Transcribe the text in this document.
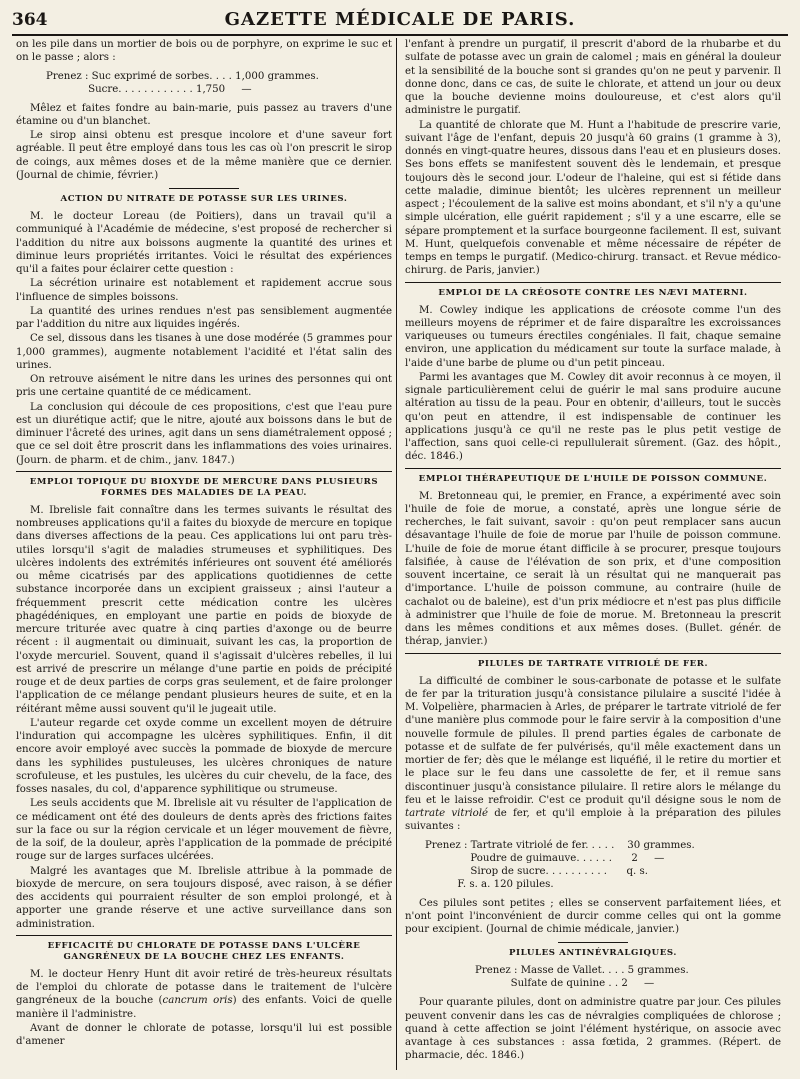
364	GAZETTE MÉDICALE DE PARIS.

on les pile dans un mortier de bois ou de porphyre, on exprime le suc et on le passe ; alors :

Prenez : Suc exprimé de sorbes. . . . 1,000 grammes.
Sucre. . . . . . . . . . . . 1,750     —

Mêlez et faites fondre au bain-marie, puis passez au travers d'une étamine ou d'un blanchet.

Le sirop ainsi obtenu est presque incolore et d'une saveur fort agréable. Il peut être employé dans tous les cas où l'on prescrit le sirop de coings, aux mêmes doses et de la même manière que ce dernier. (Journal de chimie, février.)

ACTION DU NITRATE DE POTASSE SUR LES URINES.

M. le docteur Loreau (de Poitiers), dans un travail qu'il a communiqué à l'Académie de médecine, s'est proposé de rechercher si l'addition du nitre aux boissons augmente la quantité des urines et diminue leurs propriétés irritantes. Voici le résultat des expériences qu'il a faites pour éclairer cette question :

La sécrétion urinaire est notablement et rapidement accrue sous l'influence de simples boissons.

La quantité des urines rendues n'est pas sensiblement augmentée par l'addition du nitre aux liquides ingérés.

Ce sel, dissous dans les tisanes à une dose modérée (5 grammes pour 1,000 grammes), augmente notablement l'acidité et l'état salin des urines.

On retrouve aisément le nitre dans les urines des personnes qui ont pris une certaine quantité de ce médicament.

La conclusion qui découle de ces propositions, c'est que l'eau pure est un diurétique actif; que le nitre, ajouté aux boissons dans le but de diminuer l'âcreté des urines, agit dans un sens diamétralement opposé ; que ce sel doit être proscrit dans les inflammations des voies urinaires. (Journ. de pharm. et de chim., janv. 1847.)

EMPLOI TOPIQUE DU BIOXYDE DE MERCURE DANS PLUSIEURS FORMES DES MALADIES DE LA PEAU.

M. Ibrelisle fait connaître dans les termes suivants le résultat des nombreuses applications qu'il a faites du bioxyde de mercure en topique dans diverses affections de la peau. Ces applications lui ont paru très-utiles lorsqu'il s'agit de maladies strumeuses et syphilitiques. Des ulcères indolents des extrémités inférieures ont souvent été améliorés ou même cicatrisés par des applications quotidiennes de cette substance incorporée dans un excipient graisseux ; ainsi l'auteur a fréquemment prescrit cette médication contre les ulcères phagédéniques, en employant une partie en poids de bioxyde de mercure triturée avec quatre à cinq parties d'axonge ou de beurre récent : il augmentait ou diminuait, suivant les cas, la proportion de l'oxyde mercuriel. Souvent, quand il s'agissait d'ulcères rebelles, il lui est arrivé de prescrire un mélange d'une partie en poids de précipité rouge et de deux parties de corps gras seulement, et de faire prolonger l'application de ce mélange pendant plusieurs heures de suite, et en la réitérant même aussi souvent qu'il le jugeait utile.

L'auteur regarde cet oxyde comme un excellent moyen de détruire l'induration qui accompagne les ulcères syphilitiques. Enfin, il dit encore avoir employé avec succès la pommade de bioxyde de mercure dans les syphilides pustuleuses, les ulcères chroniques de nature scrofuleuse, et les pustules, les ulcères du cuir chevelu, de la face, des fosses nasales, du col, d'apparence syphilitique ou strumeuse.

Les seuls accidents que M. Ibrelisle ait vu résulter de l'application de ce médicament ont été des douleurs de dents après des frictions faites sur la face ou sur la région cervicale et un léger mouvement de fièvre, de la soif, de la douleur, après l'application de la pommade de précipité rouge sur de larges surfaces ulcérées.

Malgré les avantages que M. Ibrelisle attribue à la pommade de bioxyde de mercure, on sera toujours disposé, avec raison, à se défier des accidents qui pourraient résulter de son emploi prolongé, et à apporter une grande réserve et une active surveillance dans son administration.

EFFICACITÉ DU CHLORATE DE POTASSE DANS L'ULCÈRE GANGRÉNEUX DE LA BOUCHE CHEZ LES ENFANTS.

M. le docteur Henry Hunt dit avoir retiré de très-heureux résultats de l'emploi du chlorate de potasse dans le traitement de l'ulcère gangréneux de la bouche (cancrum oris) des enfants. Voici de quelle manière il l'administre.

Avant de donner le chlorate de potasse, lorsqu'il lui est possible d'amener

l'enfant à prendre un purgatif, il prescrit d'abord de la rhubarbe et du sulfate de potasse avec un grain de calomel ; mais en général la douleur et la sensibilité de la bouche sont si grandes qu'on ne peut y parvenir. Il donne donc, dans ce cas, de suite le chlorate, et attend un jour ou deux que la bouche devienne moins douloureuse, et c'est alors qu'il administre le purgatif.

La quantité de chlorate que M. Hunt a l'habitude de prescrire varie, suivant l'âge de l'enfant, depuis 20 jusqu'à 60 grains (1 gramme à 3), donnés en vingt-quatre heures, dissous dans l'eau et en plusieurs doses. Ses bons effets se manifestent souvent dès le lendemain, et presque toujours dès le second jour. L'odeur de l'haleine, qui est si fétide dans cette maladie, diminue bientôt; les ulcères reprennent un meilleur aspect ; l'écoulement de la salive est moins abondant, et s'il n'y a qu'une simple ulcération, elle guérit rapidement ; s'il y a une escarre, elle se sépare promptement et la surface bourgeonne facilement. Il est, suivant M. Hunt, quelquefois convenable et même nécessaire de répéter de temps en temps le purgatif. (Medico-chirurg. transact. et Revue médico-chirurg. de Paris, janvier.)

EMPLOI DE LA CRÉOSOTE CONTRE LES NÆVI MATERNI.

M. Cowley indique les applications de créosote comme l'un des meilleurs moyens de réprimer et de faire disparaître les excroissances variqueuses ou tumeurs érectiles congéniales. Il fait, chaque semaine environ, une application du médicament sur toute la surface malade, à l'aide d'une barbe de plume ou d'un petit pinceau.

Parmi les avantages que M. Cowley dit avoir reconnus à ce moyen, il signale particulièrement celui de guérir le mal sans produire aucune altération au tissu de la peau. Pour en obtenir, d'ailleurs, tout le succès qu'on peut en attendre, il est indispensable de continuer les applications jusqu'à ce qu'il ne reste pas le plus petit vestige de l'affection, sans quoi celle-ci repullulerait sûrement. (Gaz. des hôpit., déc. 1846.)

EMPLOI THÉRAPEUTIQUE DE L'HUILE DE POISSON COMMUNE.

M. Bretonneau qui, le premier, en France, a expérimenté avec soin l'huile de foie de morue, a constaté, après une longue série de recherches, le fait suivant, savoir : qu'on peut remplacer sans aucun désavantage l'huile de foie de morue par l'huile de poisson commune. L'huile de foie de morue étant difficile à se procurer, presque toujours falsifiée, à cause de l'élévation de son prix, et d'une composition souvent incertaine, ce serait là un résultat qui ne manquerait pas d'importance. L'huile de poisson commune, au contraire (huile de cachalot ou de baleine), est d'un prix médiocre et n'est pas plus difficile à administrer que l'huile de foie de morue. M. Bretonneau la prescrit dans les mêmes conditions et aux mêmes doses. (Bullet. génér. de thérap, janvier.)

PILULES DE TARTRATE VITRIOLÉ DE FER.

La difficulté de combiner le sous-carbonate de potasse et le sulfate de fer par la trituration jusqu'à consistance pilulaire a suscité l'idée à M. Volpelière, pharmacien à Arles, de préparer le tartrate vitriolé de fer d'une manière plus commode pour le faire servir à la composition d'une nouvelle formule de pilules. Il prend parties égales de carbonate de potasse et de sulfate de fer pulvérisés, qu'il mêle exactement dans un mortier de fer; dès que le mélange est liquéfié, il le retire du mortier et le place sur le feu dans une cassolette de fer, et il remue sans discontinuer jusqu'à consistance pilulaire. Il retire alors le mélange du feu et le laisse refroidir. C'est ce produit qu'il désigne sous le nom de tartrate vitriolé de fer, et qu'il emploie à la préparation des pilules suivantes :

Prenez : Tartrate vitriolé de fer. . . . .    30 grammes.
Poudre de guimauve. . . . . .      2     —
Sirop de sucre. . . . . . . . . .      q. s.
F. s. a. 120 pilules.

Ces pilules sont petites ; elles se conservent parfaitement liées, et n'ont point l'inconvénient de durcir comme celles qui ont la gomme pour excipient. (Journal de chimie médicale, janvier.)

PILULES ANTINÉVRALGIQUES.
Prenez : Masse de Vallet. . . . 5 grammes.
Sulfate de quinine . . 2     —

Pour quarante pilules, dont on administre quatre par jour. Ces pilules peuvent convenir dans les cas de névralgies compliquées de chlorose ; quand à cette affection se joint l'élément hystérique, on associe avec avantage à ces substances : assa fœtida, 2 grammes. (Répert. de pharmacie, déc. 1846.)
